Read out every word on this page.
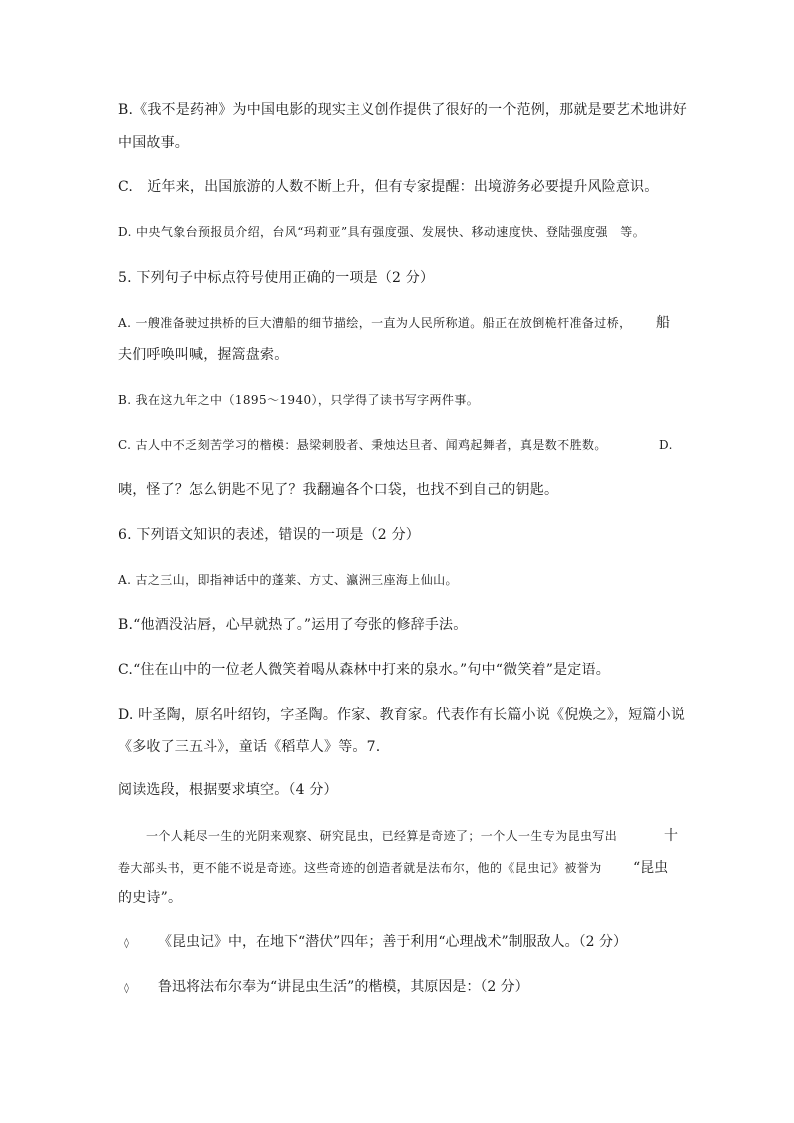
B.《我不是药神》为中国电影的现实主义创作提供了很好的一个范例，那就是要艺术地讲好
中国故事。
C.　近年来，出国旅游的人数不断上升，但有专家提醒：出境游务必要提升风险意识。
D. 中央气象台预报员介绍，台风“玛莉亚”具有强度强、发展快、移动速度快、登陆强度强　等。
5. 下列句子中标点符号使用正确的一项是（2 分）
A. 一艘准备驶过拱桥的巨大漕船的细节描绘，一直为人民所称道。船正在放倒桅杆准备过桥， 船
夫们呼唤叫喊，握篙盘索。
B. 我在这九年之中（1895～1940），只学得了读书写字两件事。
C. 古人中不乏刻苦学习的楷模：悬梁刺股者、秉烛达旦者、闻鸡起舞者，真是数不胜数。	D.
咦，怪了？怎么钥匙不见了？我翻遍各个口袋，也找不到自己的钥匙。
6. 下列语文知识的表述，错误的一项是（2 分）
A. 古之三山，即指神话中的蓬莱、方丈、瀛洲三座海上仙山。
B.“他酒没沾唇，心早就热了。”运用了夸张的修辞手法。
C.“住在山中的一位老人微笑着喝从森林中打来的泉水。”句中“微笑着”是定语。
D. 叶圣陶，原名叶绍钧，字圣陶。作家、教育家。代表作有长篇小说《倪焕之》，短篇小说
《多收了三五斗》，童话《稻草人》等。7.
阅读选段，根据要求填空。（4 分）
一个人耗尽一生的光阴来观察、研究昆虫，已经算是奇迹了；一个人一生专为昆虫写出	十
卷大部头书，更不能不说是奇迹。这些奇迹的创造者就是法布尔，他的《昆虫记》被誉为 “昆虫
的史诗”。
◊ 《昆虫记》中，在地下“潜伏”四年；善于利用“心理战术”制服敌人。（2 分）
◊ 鲁迅将法布尔奉为“讲昆虫生活”的楷模，其原因是：（2 分）
